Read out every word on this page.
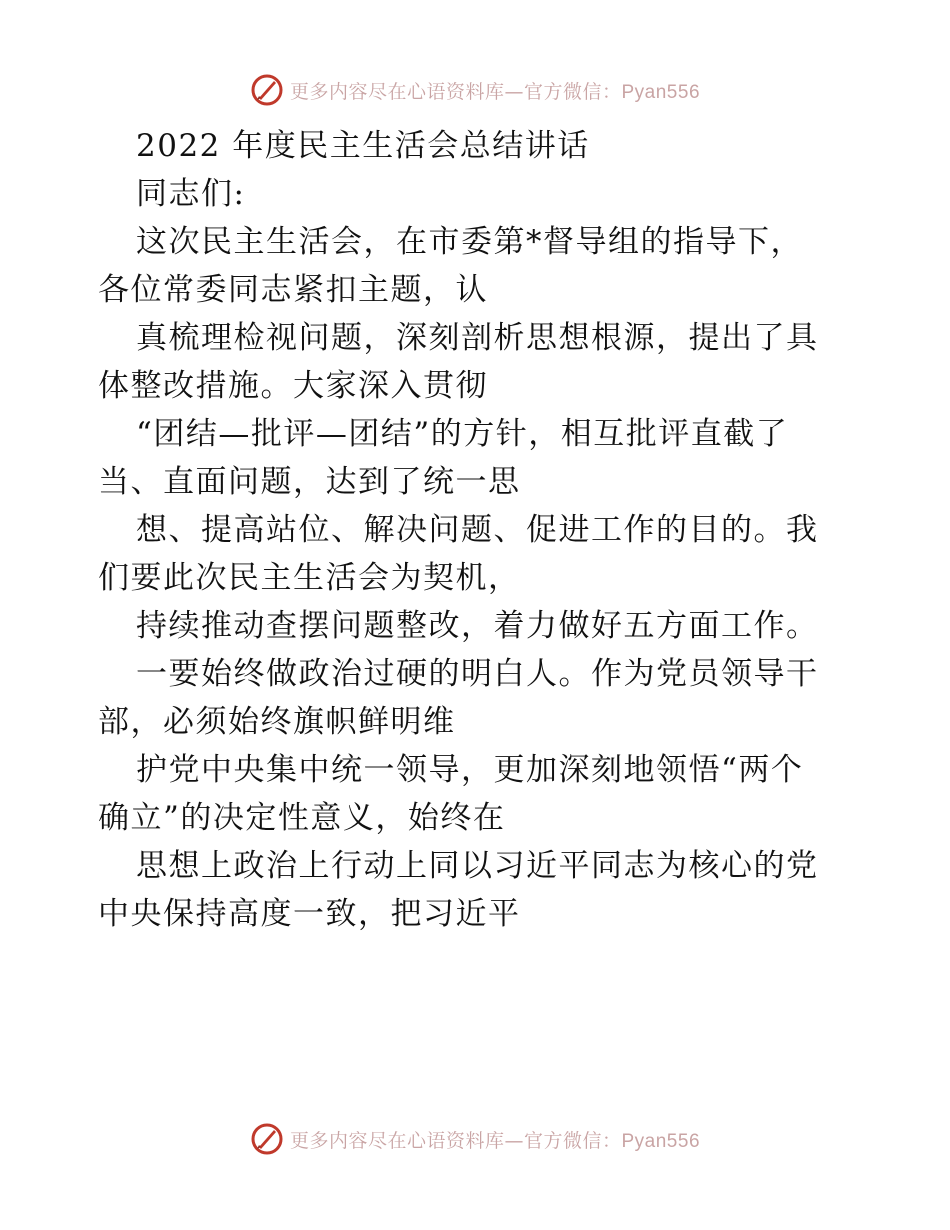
更多内容尽在心语资料库—官方微信：Pyan556
2022 年度民主生活会总结讲话
同志们:
这次民主生活会，在市委第*督导组的指导下，
各位常委同志紧扣主题，认
真梳理检视问题，深刻剖析思想根源，提出了具
体整改措施。大家深入贯彻
“团结—批评—团结”的方针，相互批评直截了
当、直面问题，达到了统一思
想、提高站位、解决问题、促进工作的目的。我
们要此次民主生活会为契机，
持续推动查摆问题整改，着力做好五方面工作。
一要始终做政治过硬的明白人。作为党员领导干
部，必须始终旗帜鲜明维
护党中央集中统一领导，更加深刻地领悟“两个
确立”的决定性意义，始终在
思想上政治上行动上同以习近平同志为核心的党
中央保持高度一致，把习近平
更多内容尽在心语资料库—官方微信：Pyan556
